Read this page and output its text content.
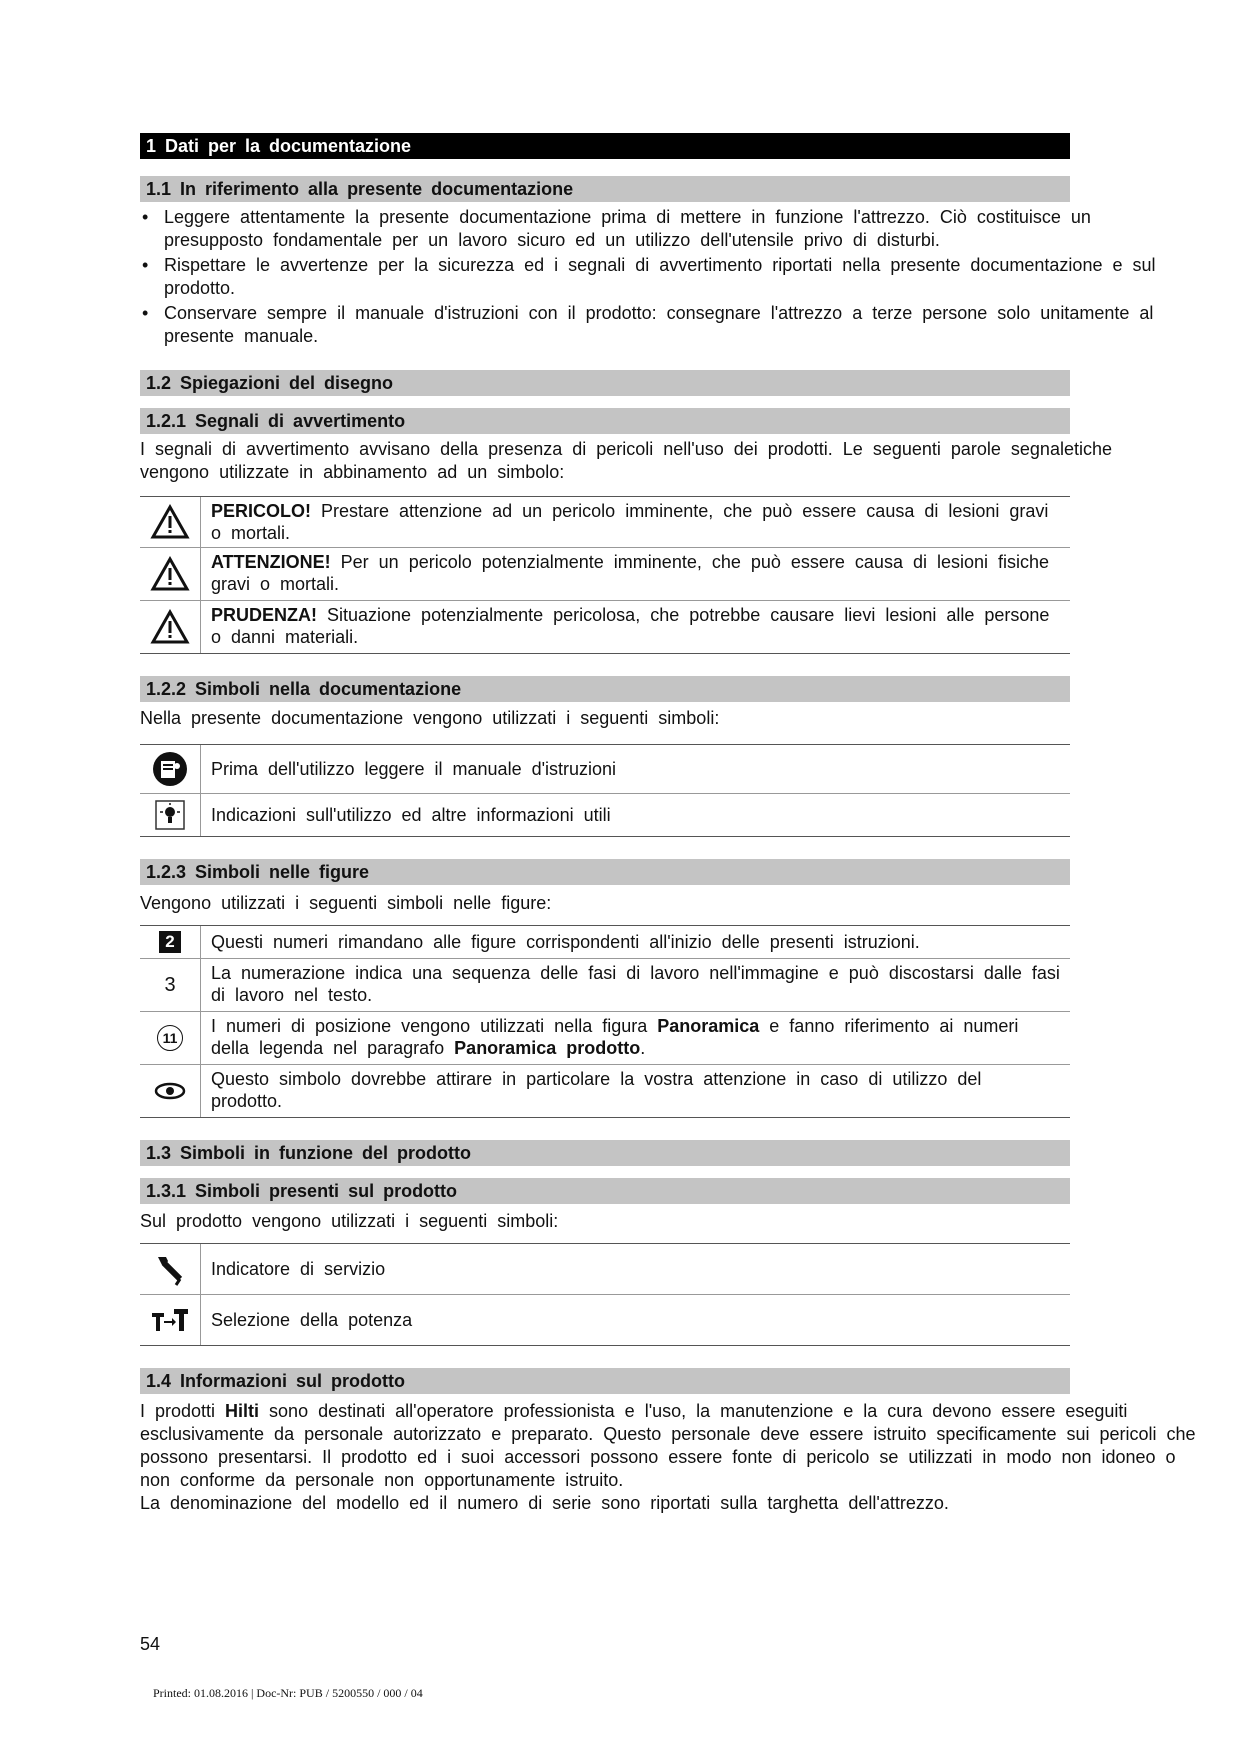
1 Dati per la documentazione
1.1 In riferimento alla presente documentazione
• Leggere attentamente la presente documentazione prima di mettere in funzione l'attrezzo. Ciò costituisce un presupposto fondamentale per un lavoro sicuro ed un utilizzo dell'utensile privo di disturbi.
• Rispettare le avvertenze per la sicurezza ed i segnali di avvertimento riportati nella presente documentazione e sul prodotto.
• Conservare sempre il manuale d'istruzioni con il prodotto: consegnare l'attrezzo a terze persone solo unitamente al presente manuale.
1.2 Spiegazioni del disegno
1.2.1 Segnali di avvertimento
I segnali di avvertimento avvisano della presenza di pericoli nell'uso dei prodotti. Le seguenti parole segnaletiche vengono utilizzate in abbinamento ad un simbolo:
PERICOLO! Prestare attenzione ad un pericolo imminente, che può essere causa di lesioni gravi o mortali.
ATTENZIONE! Per un pericolo potenzialmente imminente, che può essere causa di lesioni fisiche gravi o mortali.
PRUDENZA! Situazione potenzialmente pericolosa, che potrebbe causare lievi lesioni alle persone o danni materiali.
1.2.2 Simboli nella documentazione
Nella presente documentazione vengono utilizzati i seguenti simboli:
Prima dell'utilizzo leggere il manuale d'istruzioni
Indicazioni sull'utilizzo ed altre informazioni utili
1.2.3 Simboli nelle figure
Vengono utilizzati i seguenti simboli nelle figure:
2	Questi numeri rimandano alle figure corrispondenti all'inizio delle presenti istruzioni.
3
La numerazione indica una sequenza delle fasi di lavoro nell'immagine e può discostarsi dalle fasi di lavoro nel testo.
11
I numeri di posizione vengono utilizzati nella figura Panoramica e fanno riferimento ai numeri della legenda nel paragrafo Panoramica prodotto.
Questo simbolo dovrebbe attirare in particolare la vostra attenzione in caso di utilizzo del prodotto.
1.3 Simboli in funzione del prodotto
1.3.1 Simboli presenti sul prodotto
Sul prodotto vengono utilizzati i seguenti simboli:
Indicatore di servizio
Selezione della potenza
1.4 Informazioni sul prodotto
I prodotti Hilti sono destinati all'operatore professionista e l'uso, la manutenzione e la cura devono essere eseguiti esclusivamente da personale autorizzato e preparato. Questo personale deve essere istruito specificamente sui pericoli che possono presentarsi. Il prodotto ed i suoi accessori possono essere fonte di pericolo se utilizzati in modo non idoneo o non conforme da personale non opportunamente istruito.
La denominazione del modello ed il numero di serie sono riportati sulla targhetta dell'attrezzo.
54
Printed: 01.08.2016 | Doc-Nr: PUB / 5200550 / 000 / 04
